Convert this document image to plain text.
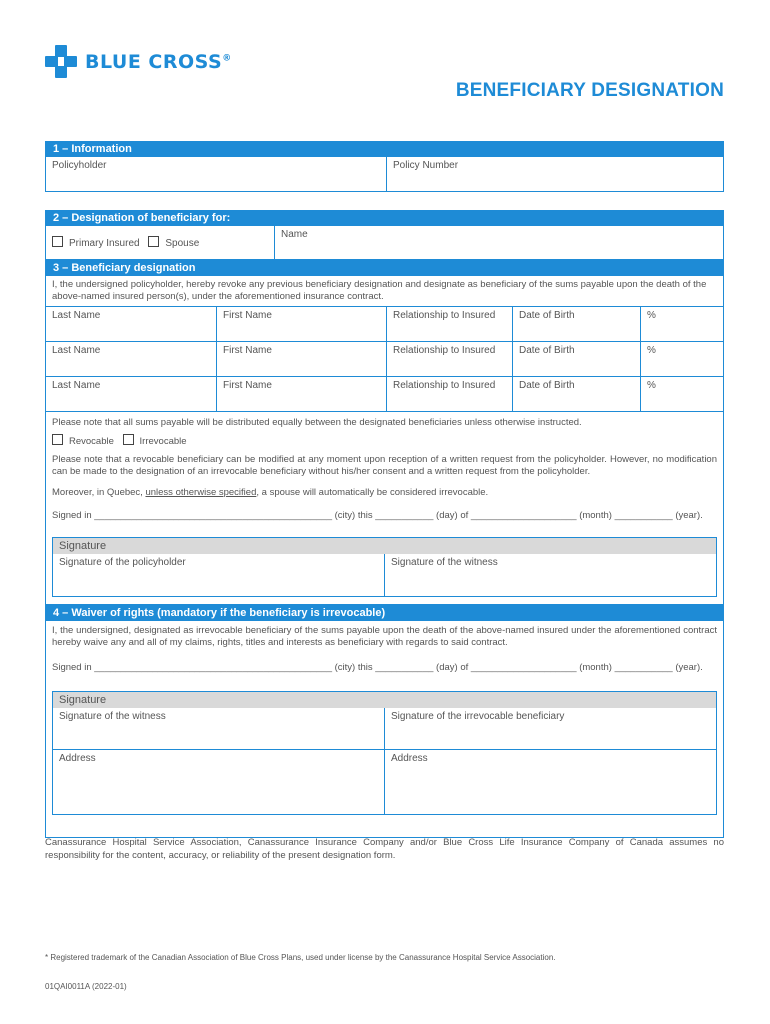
BLUE CROSS®
BENEFICIARY DESIGNATION
1 – Information
Policyholder	Policy Number
2 – Designation of beneficiary for:
Primary Insured	Spouse
Name
3 – Beneficiary designation
I, the undersigned policyholder, hereby revoke any previous beneficiary designation and designate as beneficiary of the sums payable upon the death of the above-named insured person(s), under the aforementioned insurance contract.
Last Name	First Name	Relationship to Insured	Date of Birth	%
Last Name	First Name	Relationship to Insured	Date of Birth	%
Last Name	First Name	Relationship to Insured	Date of Birth	%
Please note that all sums payable will be distributed equally between the designated beneficiaries unless otherwise instructed.
Revocable	Irrevocable
Please note that a revocable beneficiary can be modified at any moment upon reception of a written request from the policyholder. However, no modification can be made to the designation of an irrevocable beneficiary without his/her consent and a written request from the policyholder.
Moreover, in Quebec, unless otherwise specified, a spouse will automatically be considered irrevocable.
Signed in _____________________________________________ (city) this ___________ (day) of ____________________ (month) ___________ (year).
Signature
Signature of the policyholder	Signature of the witness
4 – Waiver of rights (mandatory if the beneficiary is irrevocable)
I, the undersigned, designated as irrevocable beneficiary of the sums payable upon the death of the above-named insured under the aforementioned contract hereby waive any and all of my claims, rights, titles and interests as beneficiary with regards to said contract.
Signed in _____________________________________________ (city) this ___________ (day) of ____________________ (month) ___________ (year).
Signature
Signature of the witness	Signature of the irrevocable beneficiary
Address	Address
Canassurance Hospital Service Association, Canassurance Insurance Company and/or Blue Cross Life Insurance Company of Canada assumes no responsibility for the content, accuracy, or reliability of the present designation form.
* Registered trademark of the Canadian Association of Blue Cross Plans, used under license by the Canassurance Hospital Service Association.
01QAI0011A (2022-01)
